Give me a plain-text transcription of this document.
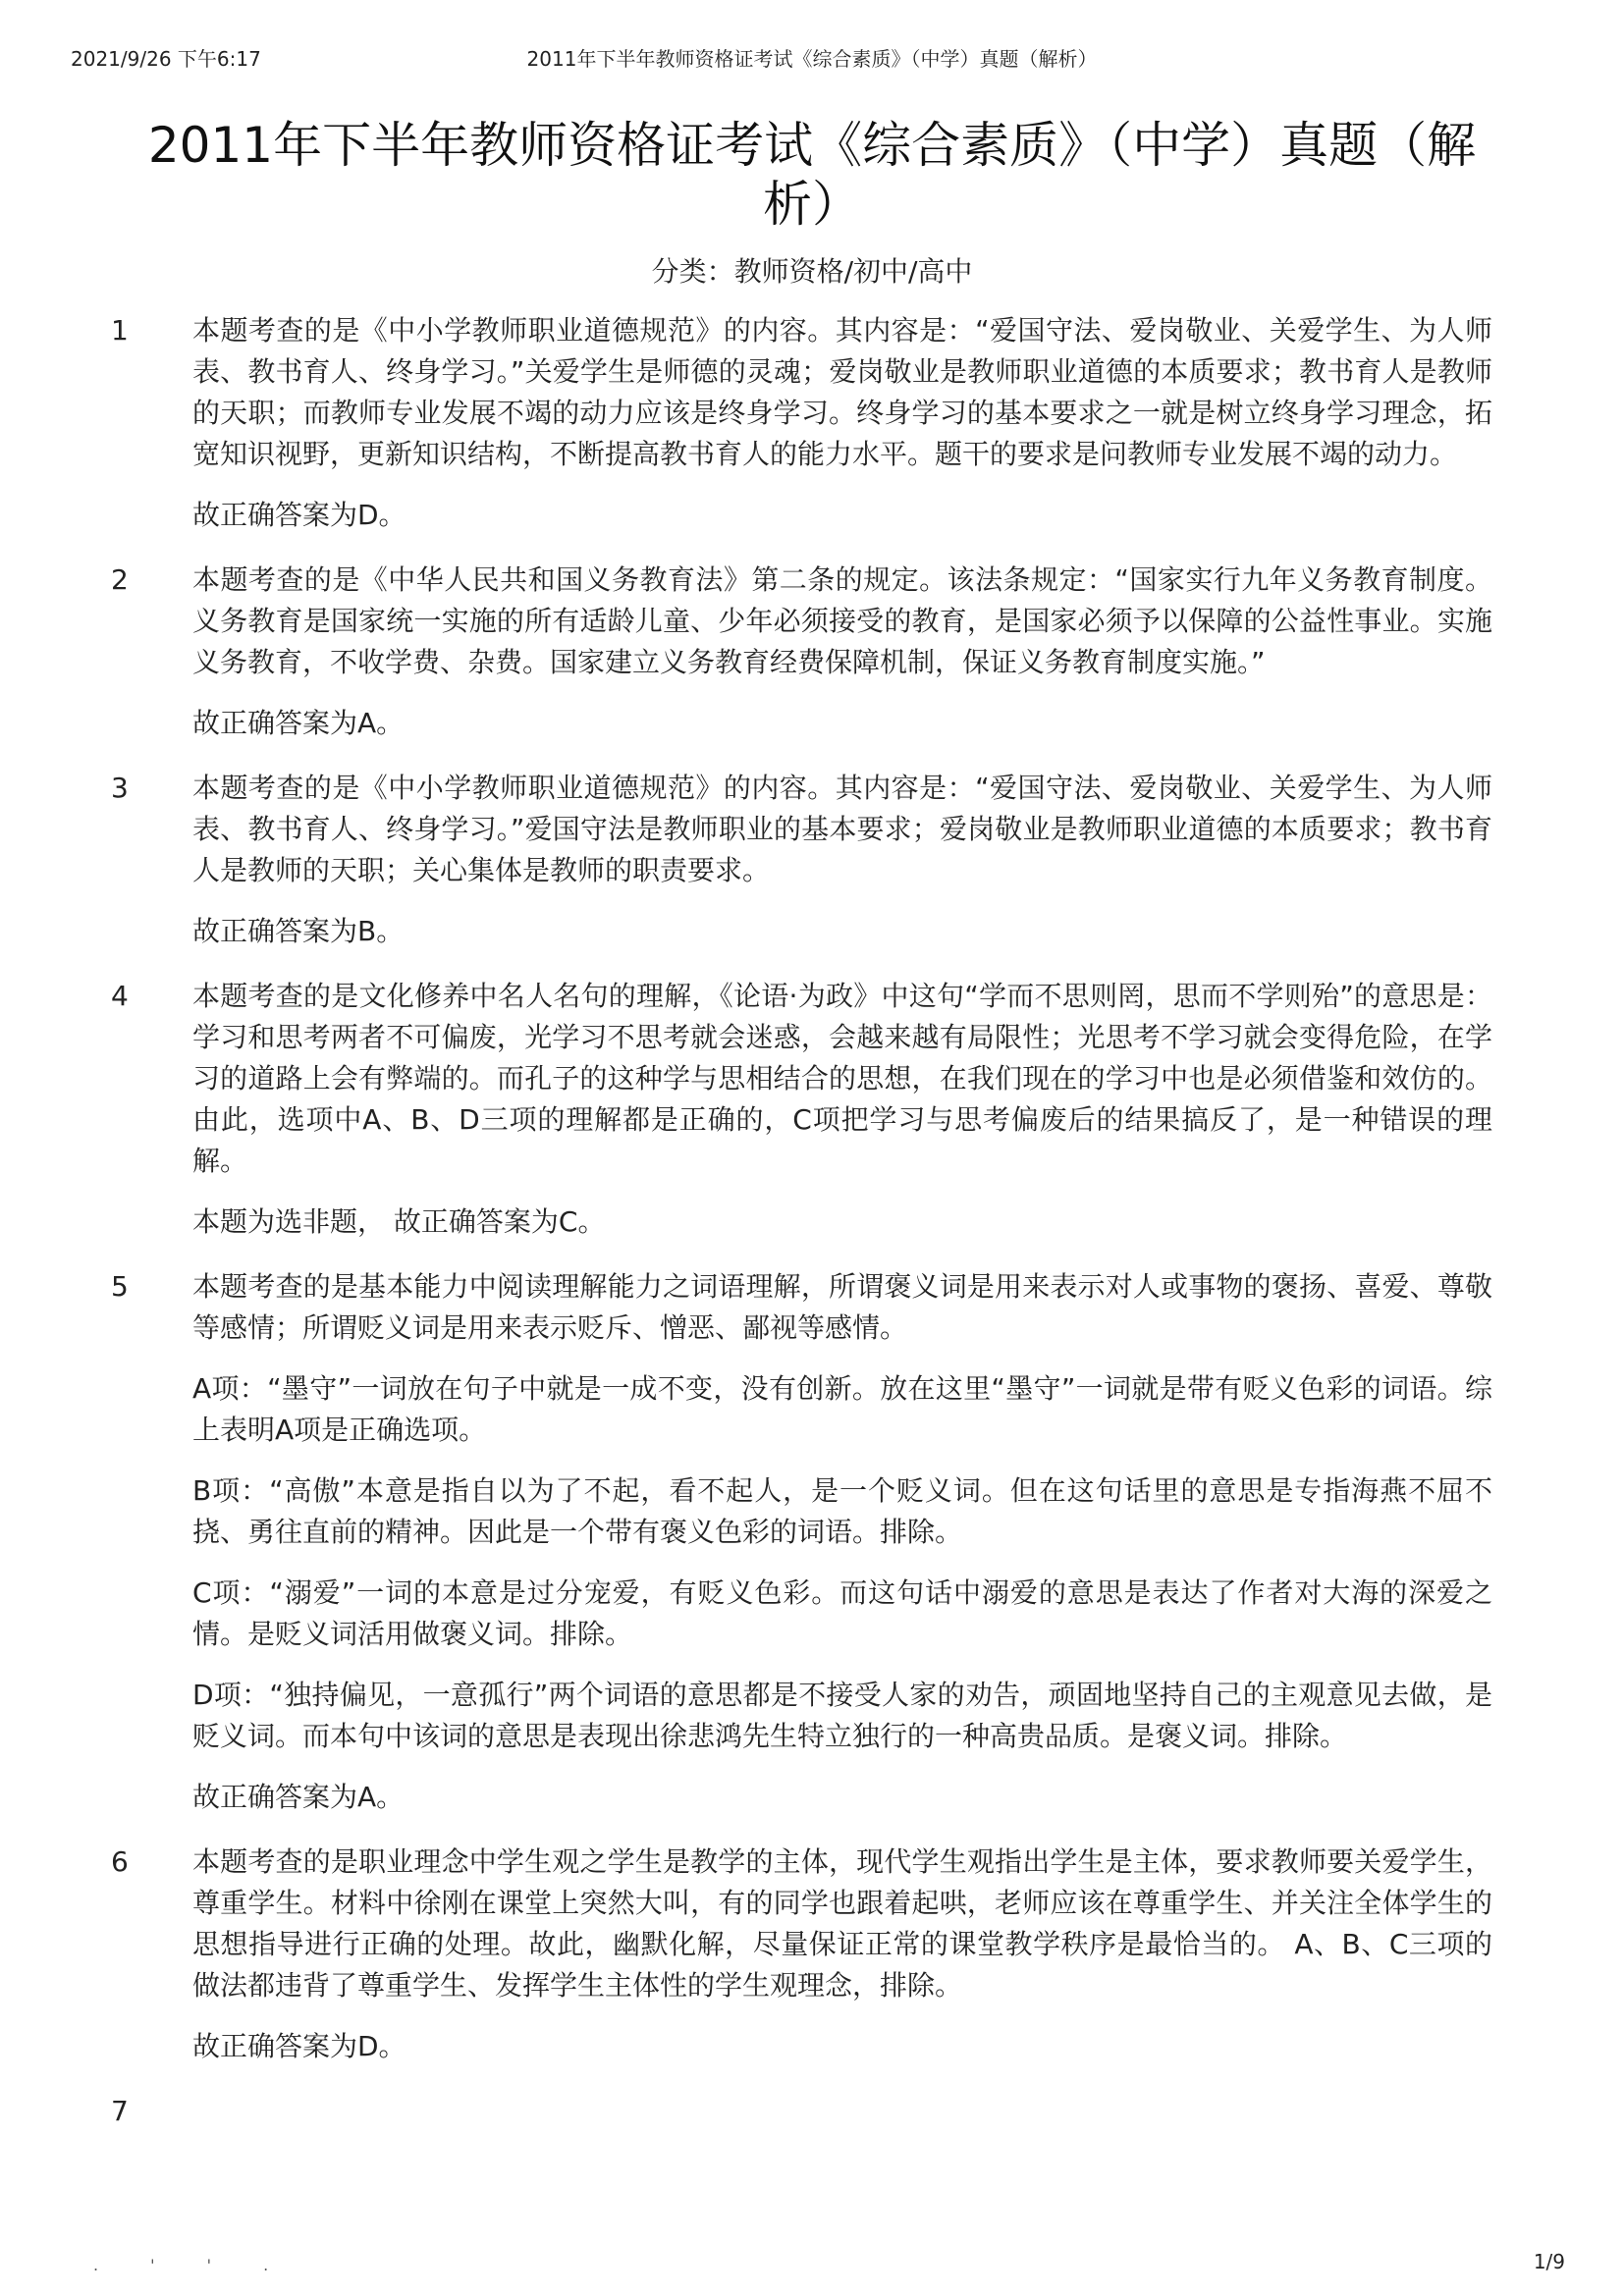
2021/9/26 下午6:17	2011年下半年教师资格证考试《综合素质》（中学）真题（解析）
2011年下半年教师资格证考试《综合素质》（中学）真题（解析）
分类：教师资格/初中/高中
1 本题考查的是《中小学教师职业道德规范》的内容。其内容是：“爱国守法、爱岗敬业、关爱学生、为人师表、教书育人、终身学习。”关爱学生是师德的灵魂；爱岗敬业是教师职业道德的本质要求；教书育人是教师的天职；而教师专业发展不竭的动力应该是终身学习。终身学习的基本要求之一就是树立终身学习理念，拓宽知识视野，更新知识结构，不断提高教书育人的能力水平。题干的要求是问教师专业发展不竭的动力。

故正确答案为D。

2 本题考查的是《中华人民共和国义务教育法》第二条的规定。该法条规定：“国家实行九年义务教育制度。义务教育是国家统一实施的所有适龄儿童、少年必须接受的教育，是国家必须予以保障的公益性事业。实施义务教育，不收学费、杂费。国家建立义务教育经费保障机制，保证义务教育制度实施。”

故正确答案为A。

3 本题考查的是《中小学教师职业道德规范》的内容。其内容是：“爱国守法、爱岗敬业、关爱学生、为人师表、教书育人、终身学习。”爱国守法是教师职业的基本要求；爱岗敬业是教师职业道德的本质要求；教书育人是教师的天职；关心集体是教师的职责要求。

故正确答案为B。

4 本题考查的是文化修养中名人名句的理解，《论语·为政》中这句“学而不思则罔，思而不学则殆”的意思是：学习和思考两者不可偏废，光学习不思考就会迷惑，会越来越有局限性；光思考不学习就会变得危险，在学习的道路上会有弊端的。而孔子的这种学与思相结合的思想，在我们现在的学习中也是必须借鉴和效仿的。由此，选项中A、B、D三项的理解都是正确的，C项把学习与思考偏废后的结果搞反了，是一种错误的理解。

本题为选非题， 故正确答案为C。

5 本题考查的是基本能力中阅读理解能力之词语理解，所谓褒义词是用来表示对人或事物的褒扬、喜爱、尊敬等感情；所谓贬义词是用来表示贬斥、憎恶、鄙视等感情。

A项：“墨守”一词放在句子中就是一成不变，没有创新。放在这里“墨守”一词就是带有贬义色彩的词语。综上表明A项是正确选项。

B项：“高傲”本意是指自以为了不起，看不起人，是一个贬义词。但在这句话里的意思是专指海燕不屈不挠、勇往直前的精神。因此是一个带有褒义色彩的词语。排除。

C项：“溺爱”一词的本意是过分宠爱，有贬义色彩。而这句话中溺爱的意思是表达了作者对大海的深爱之情。是贬义词活用做褒义词。排除。

D项：“独持偏见，一意孤行”两个词语的意思都是不接受人家的劝告，顽固地坚持自己的主观意见去做，是贬义词。而本句中该词的意思是表现出徐悲鸿先生特立独行的一种高贵品质。是褒义词。排除。

故正确答案为A。

6 本题考查的是职业理念中学生观之学生是教学的主体，现代学生观指出学生是主体，要求教师要关爱学生，尊重学生。材料中徐刚在课堂上突然大叫，有的同学也跟着起哄，老师应该在尊重学生、并关注全体学生的思想指导进行正确的处理。故此，幽默化解，尽量保证正常的课堂教学秩序是最恰当的。 A、B、C三项的做法都违背了尊重学生、发挥学生主体性的学生观理念，排除。

故正确答案为D。

7
. ' ' .	1/9
